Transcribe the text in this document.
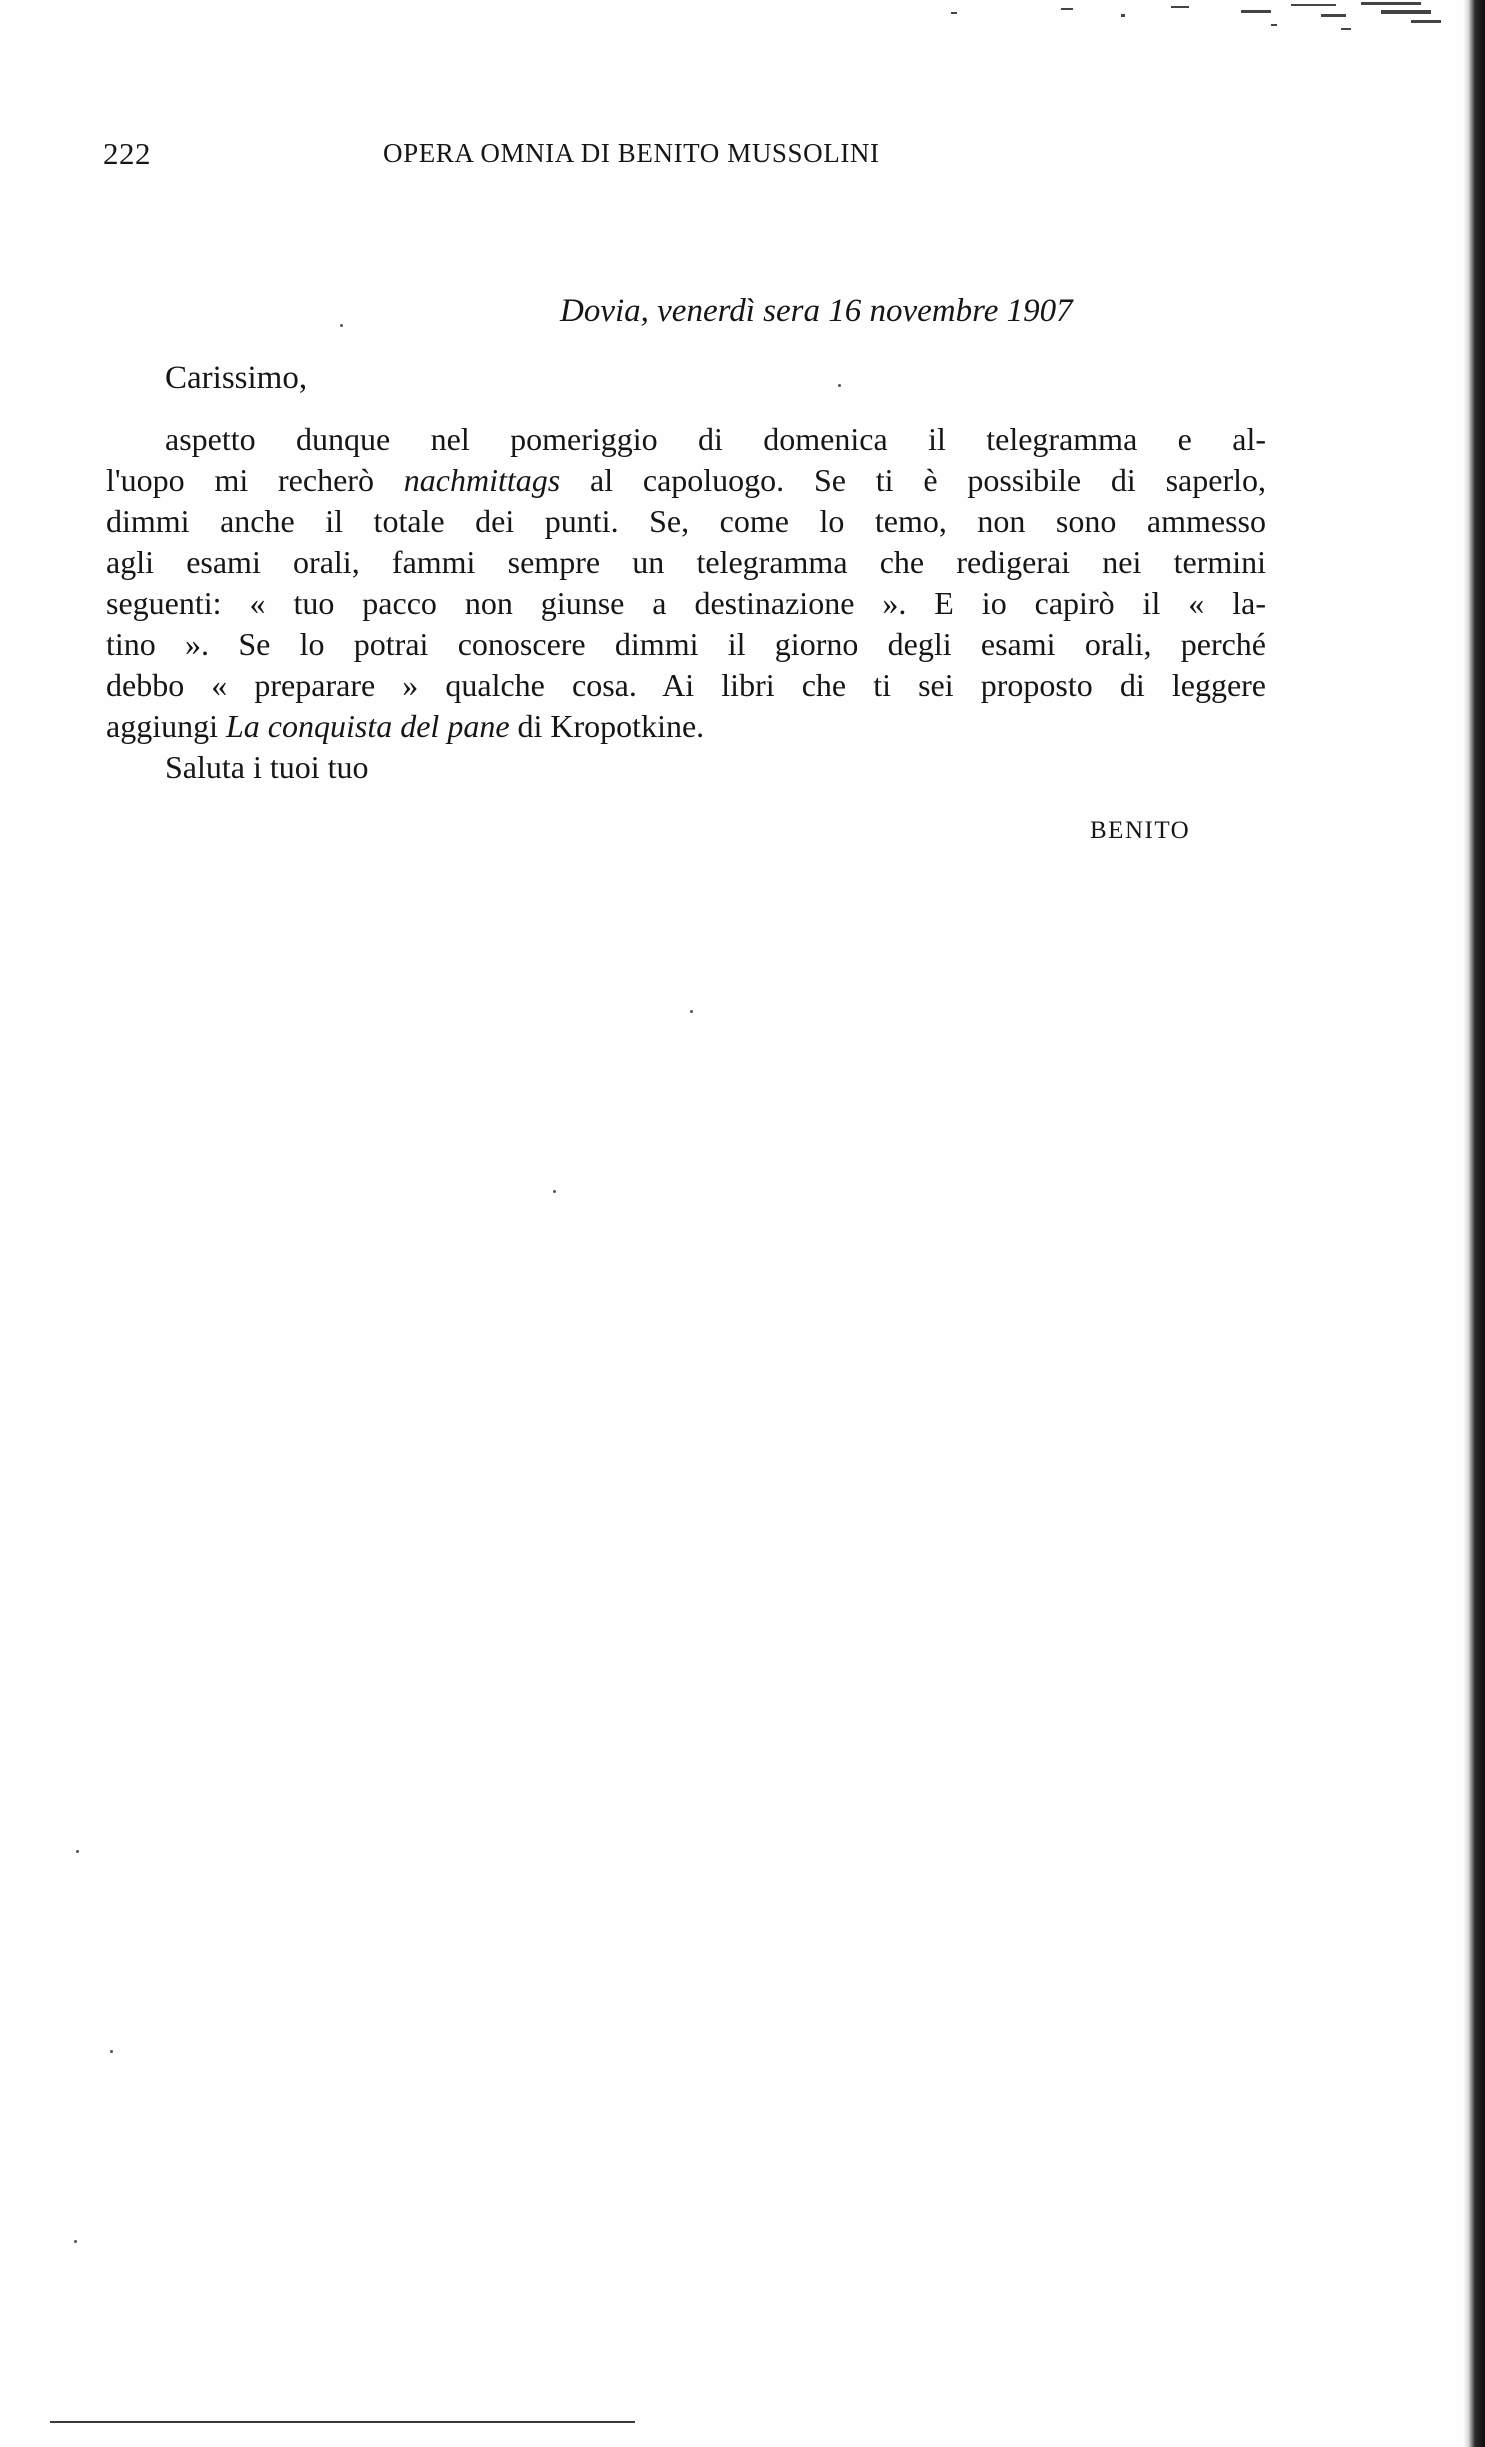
222	OPERA OMNIA DI BENITO MUSSOLINI
Dovia, venerdì sera 16 novembre 1907
Carissimo,
aspetto dunque nel pomeriggio di domenica il telegramma e al-
l'uopo mi recherò nachmittags al capoluogo. Se ti è possibile di saperlo,
dimmi anche il totale dei punti. Se, come lo temo, non sono ammesso
agli esami orali, fammi sempre un telegramma che redigerai nei termini
seguenti: « tuo pacco non giunse a destinazione ». E io capirò il « la-
tino ». Se lo potrai conoscere dimmi il giorno degli esami orali, perché
debbo « preparare » qualche cosa. Ai libri che ti sei proposto di leggere
aggiungi La conquista del pane di Kropotkine.
Saluta i tuoi tuo
BENITO
